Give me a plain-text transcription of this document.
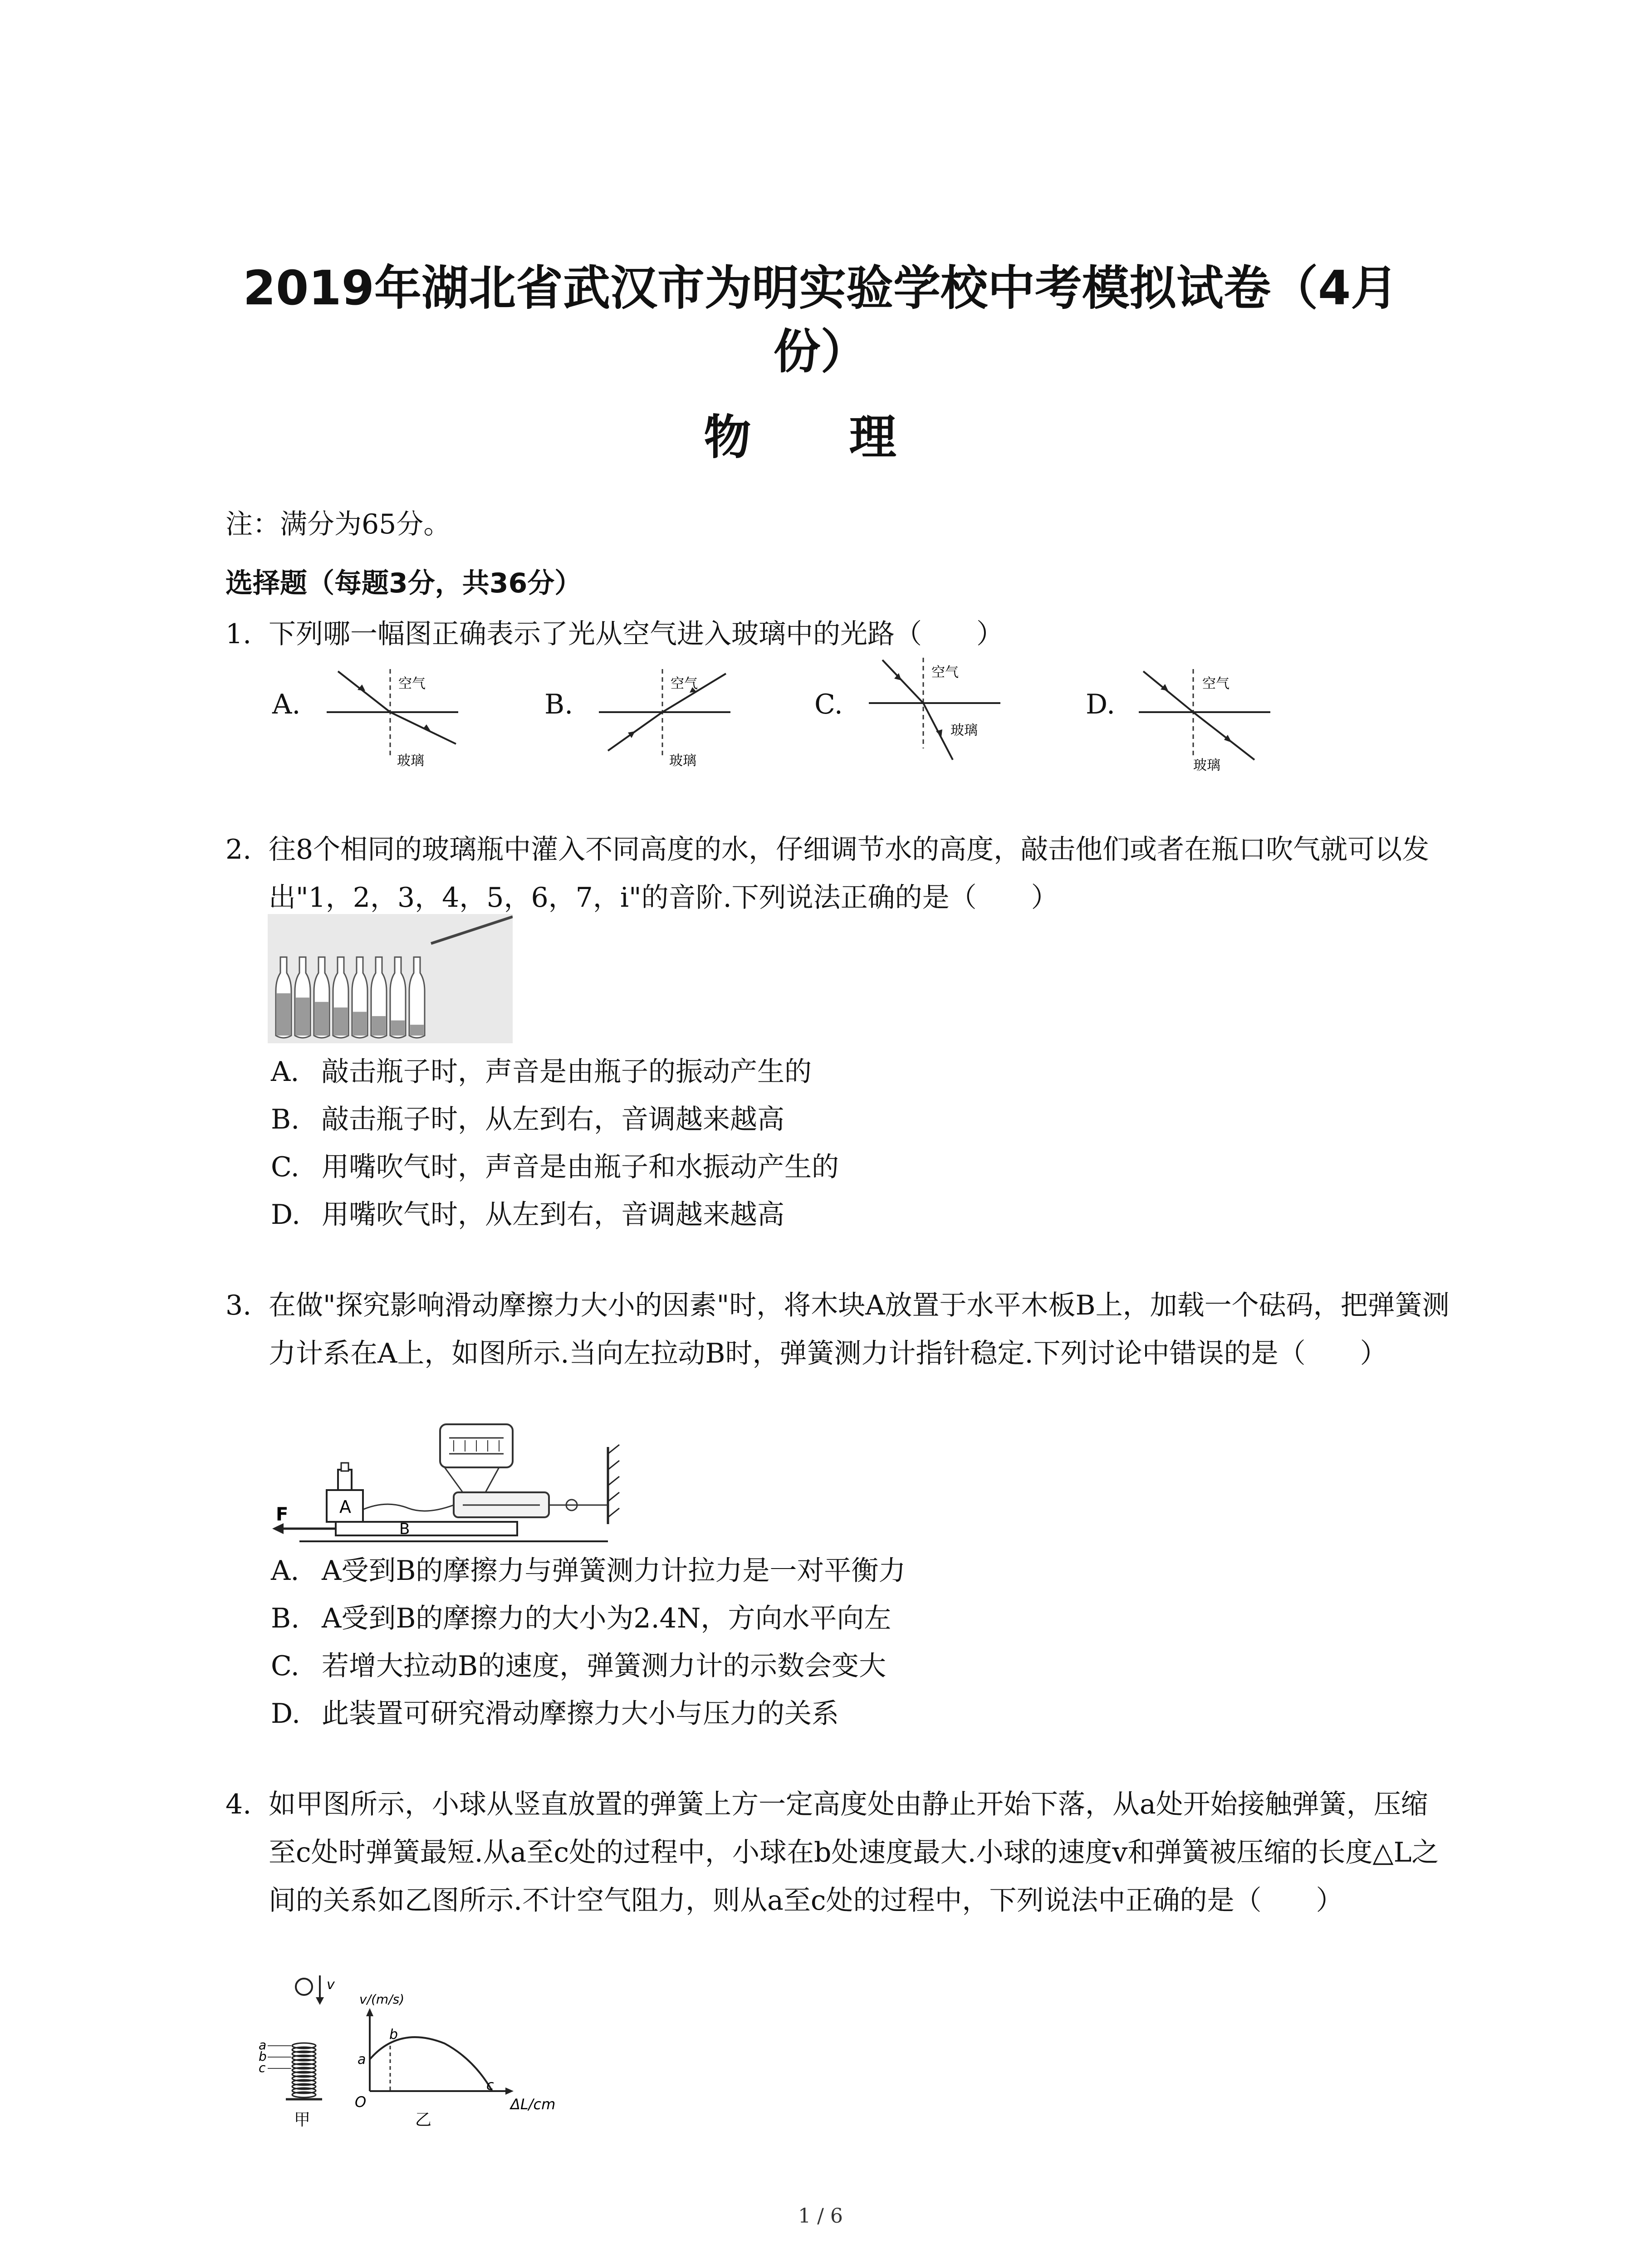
2019年湖北省武汉市为明实验学校中考模拟试卷（4月
份）
物 理
注：满分为65分。
选择题（每题3分，共36分）
1. 下列哪一幅图正确表示了光从空气进入玻璃中的光路（　　）
A.	B.	C.	D.
空气
玻璃
空气
玻璃
空气
玻璃
空气
玻璃
2. 往8个相同的玻璃瓶中灌入不同高度的水，仔细调节水的高度，敲击他们或者在瓶口吹气就可以发出"1，2，3，4，5，6，7，i"的音阶.下列说法正确的是（　　）
A. 敲击瓶子时，声音是由瓶子的振动产生的
B. 敲击瓶子时，从左到右，音调越来越高
C. 用嘴吹气时，声音是由瓶子和水振动产生的
D. 用嘴吹气时，从左到右，音调越来越高
3. 在做"探究影响滑动摩擦力大小的因素"时，将木块A放置于水平木板B上，加载一个砝码，把弹簧测力计系在A上，如图所示.当向左拉动B时，弹簧测力计指针稳定.下列讨论中错误的是（　　）
F	A
B
A. A受到B的摩擦力与弹簧测力计拉力是一对平衡力
B. A受到B的摩擦力的大小为2.4N，方向水平向左
C. 若增大拉动B的速度，弹簧测力计的示数会变大
D. 此装置可研究滑动摩擦力大小与压力的关系
4. 如甲图所示，小球从竖直放置的弹簧上方一定高度处由静止开始下落，从a处开始接触弹簧，压缩至c处时弹簧最短.从a至c处的过程中，小球在b处速度最大.小球的速度v和弹簧被压缩的长度△L之间的关系如乙图所示.不计空气阻力，则从a至c处的过程中，下列说法中正确的是（　　）
v
a
b
c
甲
v/(m/s)
ΔL/cm
O
a
b
c
乙
1 / 6
